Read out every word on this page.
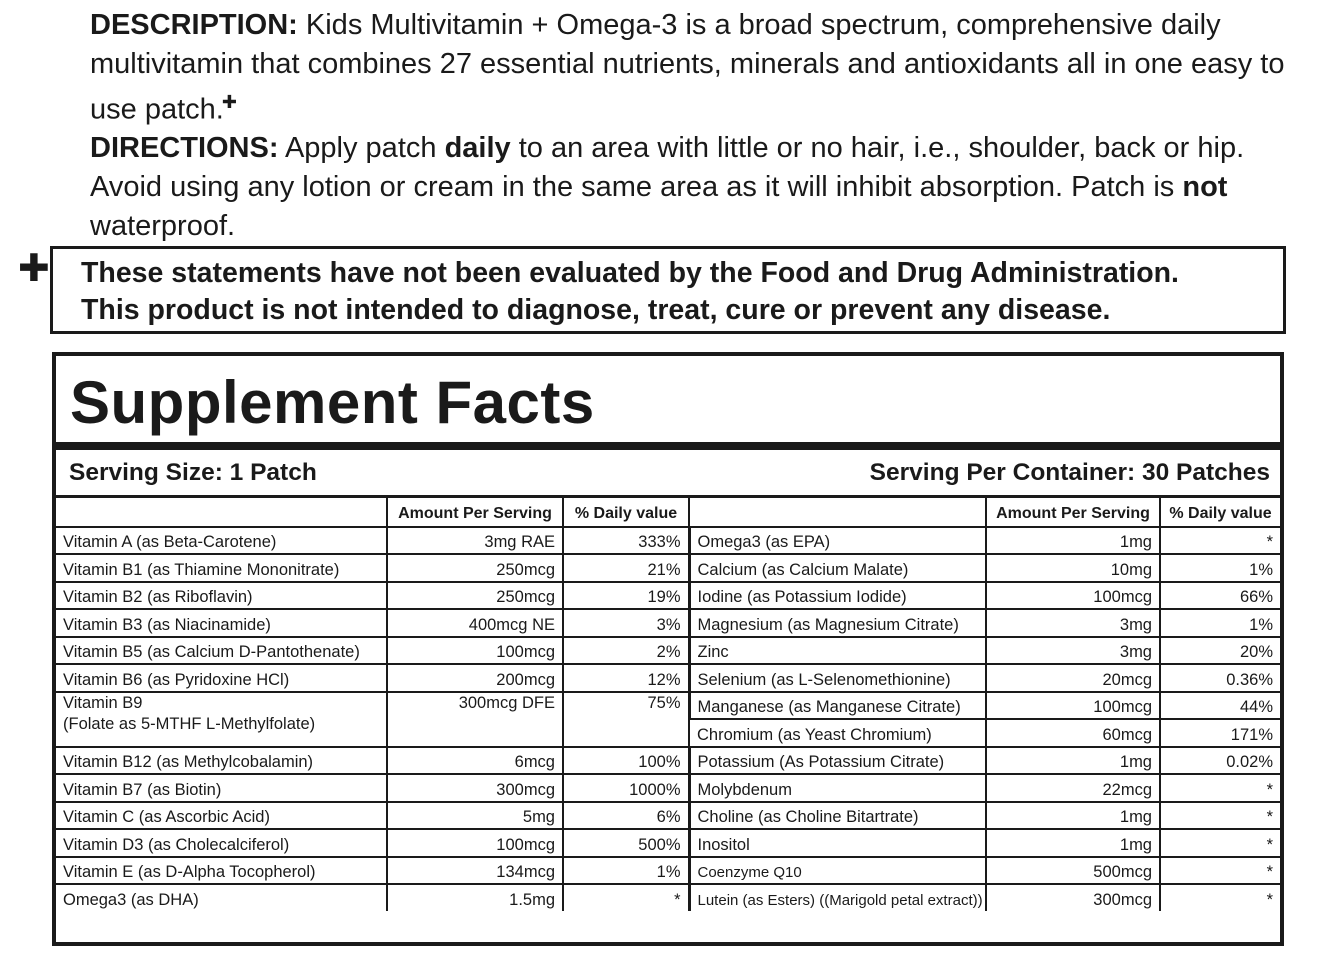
DESCRIPTION: Kids Multivitamin + Omega-3 is a broad spectrum, comprehensive daily multivitamin that combines 27 essential nutrients, minerals and antioxidants all in one easy to use patch.✚

DIRECTIONS: Apply patch daily to an area with little or no hair, i.e., shoulder, back or hip. Avoid using any lotion or cream in the same area as it will inhibit absorption. Patch is not waterproof.

✚ These statements have not been evaluated by the Food and Drug Administration.
This product is not intended to diagnose, treat, cure or prevent any disease.
Supplement Facts
Serving Size: 1 Patch	Serving Per Container: 30 Patches
	Amount Per Serving	% Daily value		Amount Per Serving	% Daily value
Vitamin A (as Beta-Carotene)	3mg RAE	333%	Omega3 (as EPA)	1mg	*
Vitamin B1 (as Thiamine Mononitrate)	250mcg	21%	Calcium (as Calcium Malate)	10mg	1%
Vitamin B2 (as Riboflavin)	250mcg	19%	Iodine (as Potassium Iodide)	100mcg	66%
Vitamin B3 (as Niacinamide)	400mcg NE	3%	Magnesium (as Magnesium Citrate)	3mg	1%
Vitamin B5 (as Calcium D-Pantothenate)	100mcg	2%	Zinc	3mg	20%
Vitamin B6 (as Pyridoxine HCl)	200mcg	12%	Selenium (as L-Selenomethionine)	20mcg	0.36%

Vitamin B9
(Folate as 5-MTHF L-Methylfolate)	300mcg DFE	75%	Manganese (as Manganese Citrate)	100mcg	44%
			Chromium (as Yeast Chromium)	60mcg	171%
Vitamin B12 (as Methylcobalamin)	6mcg	100%	Potassium (As Potassium Citrate)	1mg	0.02%
Vitamin B7 (as Biotin)	300mcg	1000%	Molybdenum	22mcg	*
Vitamin C (as Ascorbic Acid)	5mg	6%	Choline (as Choline Bitartrate)	1mg	*
Vitamin D3 (as Cholecalciferol)	100mcg	500%	Inositol	1mg	*
Vitamin E (as D-Alpha Tocopherol)	134mcg	1%	Coenzyme Q10	500mcg	*
Omega3 (as DHA)	1.5mg	*	Lutein (as Esters) ((Marigold petal extract))	300mcg	*
